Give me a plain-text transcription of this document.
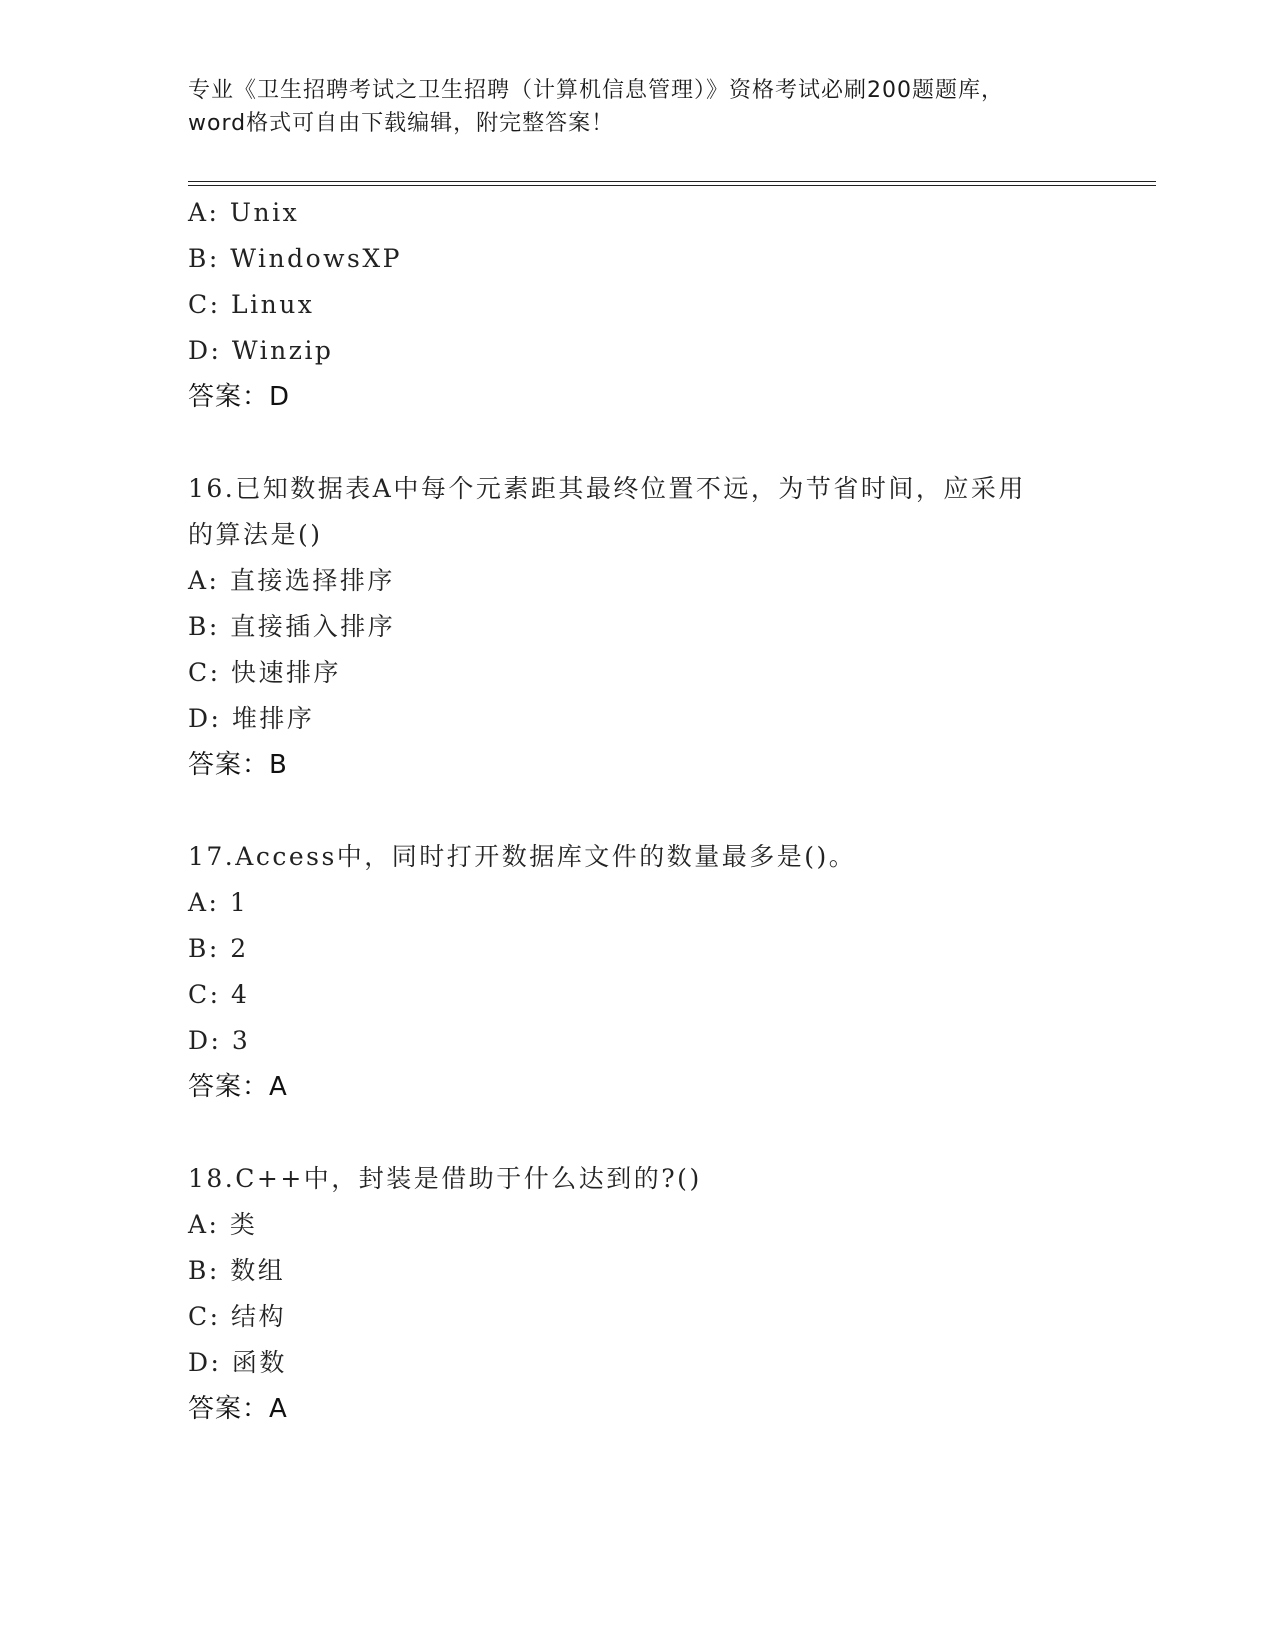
专业《卫生招聘考试之卫生招聘（计算机信息管理）》资格考试必刷200题题库，

word格式可自由下载编辑，附完整答案！

A: Unix
B: WindowsXP
C: Linux
D: Winzip
答案：D
16.已知数据表A中每个元素距其最终位置不远，为节省时间，应采用
的算法是()
A: 直接选择排序
B: 直接插入排序
C: 快速排序
D: 堆排序
答案：B
17.Access中，同时打开数据库文件的数量最多是()。
A: 1
B: 2
C: 4
D: 3
答案：A
18.C++中，封装是借助于什么达到的?()
A: 类
B: 数组
C: 结构
D: 函数
答案：A
